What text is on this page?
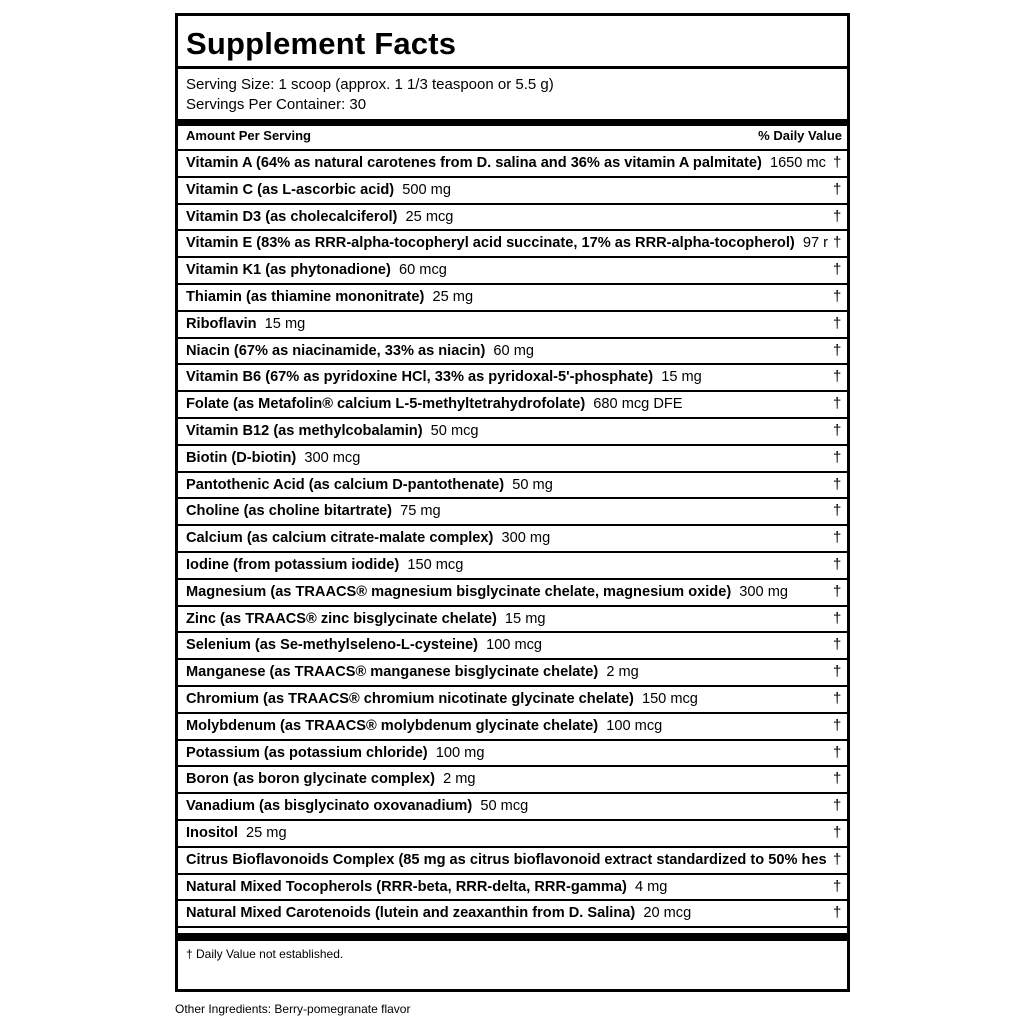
Supplement Facts
Serving Size: 1 scoop (approx. 1 1/3 teaspoon or 5.5 g)
Servings Per Container: 30
Amount Per Serving	% Daily Value
Vitamin A (64% as natural carotenes from D. salina and 36% as vitamin A palmitate) 1650 mc †
Vitamin C (as L-ascorbic acid) 500 mg	†
Vitamin D3 (as cholecalciferol) 25 mcg	†
Vitamin E (83% as RRR-alpha-tocopheryl acid succinate, 17% as RRR-alpha-tocopherol) 97 r †
Vitamin K1 (as phytonadione) 60 mcg	†
Thiamin (as thiamine mononitrate) 25 mg	†
Riboflavin 15 mg	†
Niacin (67% as niacinamide, 33% as niacin) 60 mg	†
Vitamin B6 (67% as pyridoxine HCl, 33% as pyridoxal-5'-phosphate) 15 mg	†
Folate (as Metafolin® calcium L-5-methyltetrahydrofolate) 680 mcg DFE	†
Vitamin B12 (as methylcobalamin) 50 mcg	†
Biotin (D-biotin) 300 mcg	†
Pantothenic Acid (as calcium D-pantothenate) 50 mg	†
Choline (as choline bitartrate) 75 mg	†
Calcium (as calcium citrate-malate complex) 300 mg	†
Iodine (from potassium iodide) 150 mcg	†
Magnesium (as TRAACS® magnesium bisglycinate chelate, magnesium oxide) 300 mg	†
Zinc (as TRAACS® zinc bisglycinate chelate) 15 mg	†
Selenium (as Se-methylseleno-L-cysteine) 100 mcg	†
Manganese (as TRAACS® manganese bisglycinate chelate) 2 mg	†
Chromium (as TRAACS® chromium nicotinate glycinate chelate) 150 mcg	†
Molybdenum (as TRAACS® molybdenum glycinate chelate) 100 mcg	†
Potassium (as potassium chloride) 100 mg	†
Boron (as boron glycinate complex) 2 mg	†
Vanadium (as bisglycinato oxovanadium) 50 mcg	†
Inositol 25 mg	†
Citrus Bioflavonoids Complex (85 mg as citrus bioflavonoid extract standardized to 50% hes †
Natural Mixed Tocopherols (RRR-beta, RRR-delta, RRR-gamma) 4 mg	†
Natural Mixed Carotenoids (lutein and zeaxanthin from D. Salina) 20 mcg	†
† Daily Value not established.
Other Ingredients: Berry-pomegranate flavor
